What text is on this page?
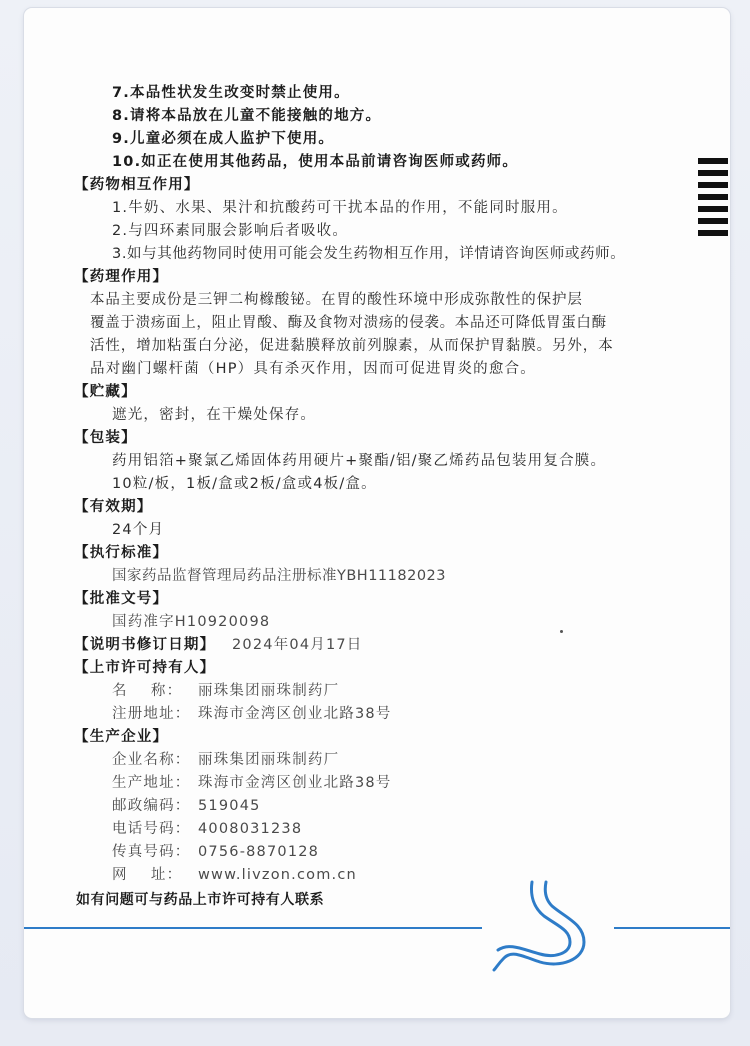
7.本品性状发生改变时禁止使用。
8.请将本品放在儿童不能接触的地方。
9.儿童必须在成人监护下使用。
10.如正在使用其他药品，使用本品前请咨询医师或药师。
【药物相互作用】
1.牛奶、水果、果汁和抗酸药可干扰本品的作用，不能同时服用。
2.与四环素同服会影响后者吸收。
3.如与其他药物同时使用可能会发生药物相互作用，详情请咨询医师或药师。
【药理作用】
本品主要成份是三钾二枸橼酸铋。在胃的酸性环境中形成弥散性的保护层
覆盖于溃疡面上，阻止胃酸、酶及食物对溃疡的侵袭。本品还可降低胃蛋白酶
活性，增加粘蛋白分泌，促进黏膜释放前列腺素，从而保护胃黏膜。另外，本
品对幽门螺杆菌（HP）具有杀灭作用，因而可促进胃炎的愈合。
【贮藏】
遮光，密封，在干燥处保存。
【包装】
药用铝箔+聚氯乙烯固体药用硬片+聚酯/铝/聚乙烯药品包装用复合膜。
10粒/板，1板/盒或2板/盒或4板/盒。
【有效期】
24个月
【执行标准】
国家药品监督管理局药品注册标准YBH11182023
【批准文号】
国药准字H10920098
【说明书修订日期】 2024年04月17日
【上市许可持有人】
名    称： 丽珠集团丽珠制药厂
注册地址： 珠海市金湾区创业北路38号
【生产企业】
企业名称： 丽珠集团丽珠制药厂
生产地址： 珠海市金湾区创业北路38号
邮政编码： 519045
电话号码： 4008031238
传真号码： 0756-8870128
网    址： www.livzon.com.cn
如有问题可与药品上市许可持有人联系
